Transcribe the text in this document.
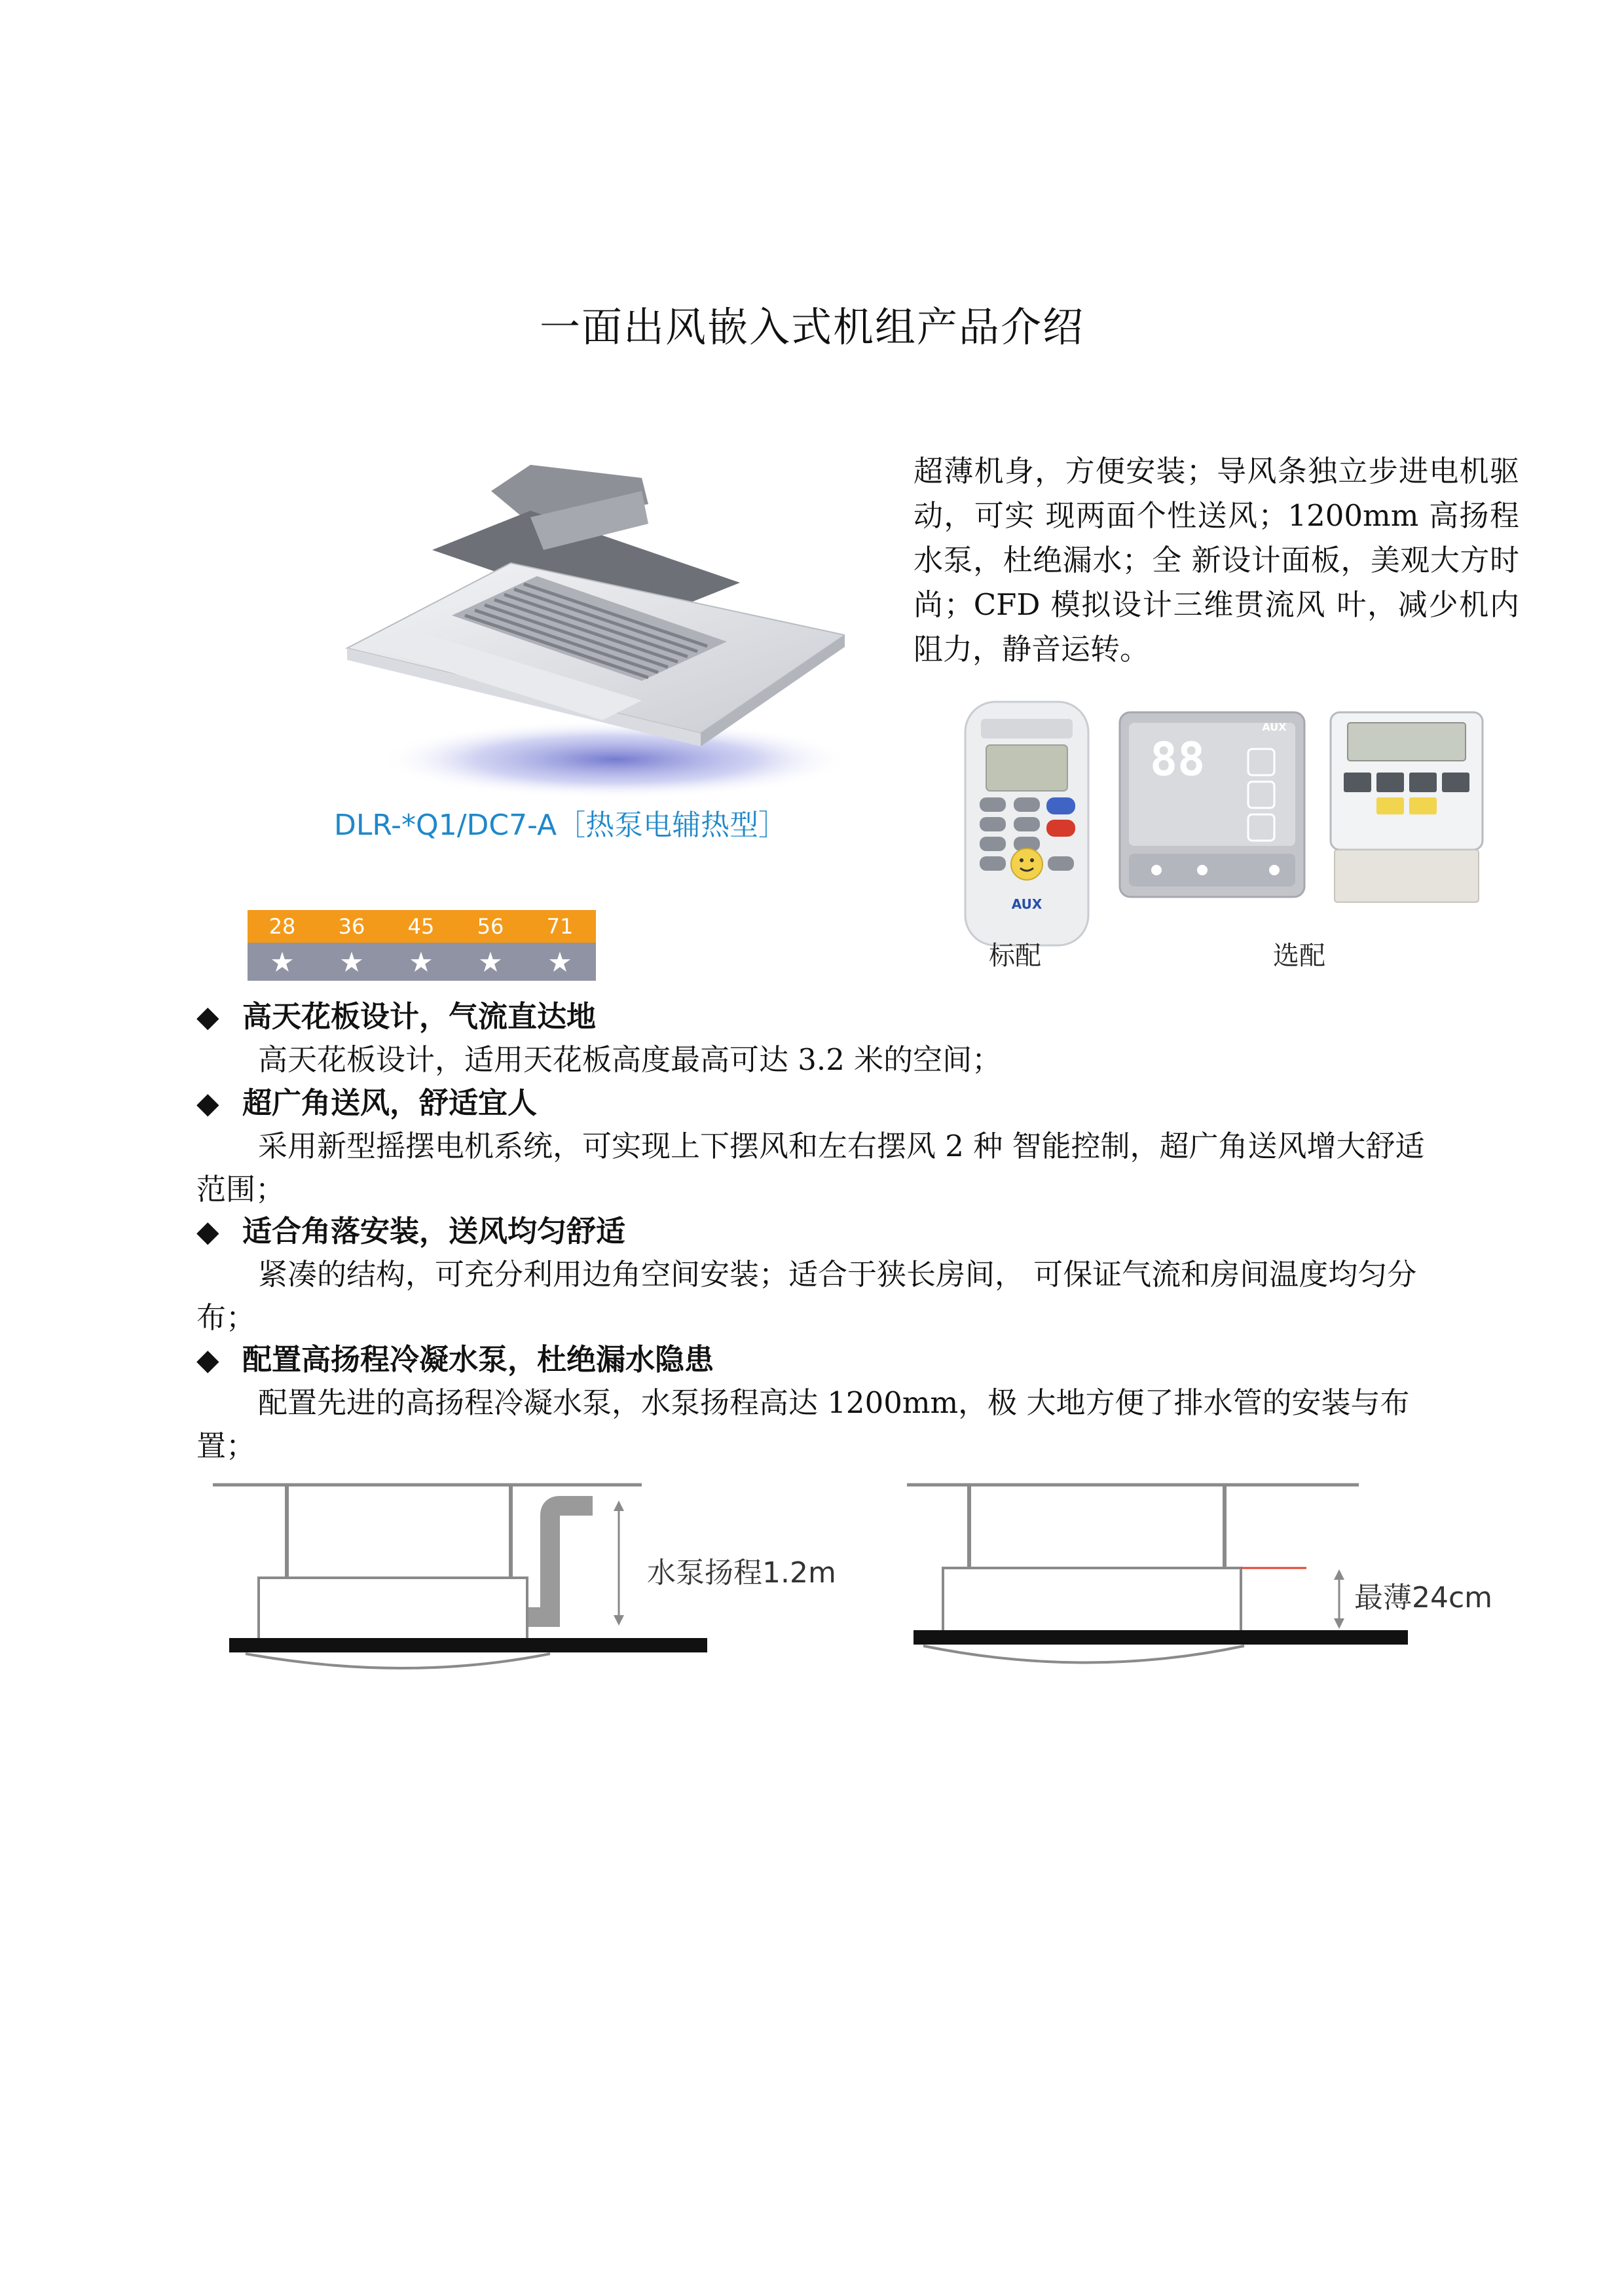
一面出风嵌入式机组产品介绍
DLR-*Q1/DC7-A［热泵电辅热型］
28	36	45	56	71
★	★	★	★	★
超薄机身，方便安装；导风条独立步进电机驱动，可实 现两面个性送风；1200mm 高扬程水泵，杜绝漏水；全 新设计面板，美观大方时尚；CFD 模拟设计三维贯流风 叶，减少机内阻力，静音运转。
AUX
88
AUX
标配	选配
◆ 高天花板设计，气流直达地
高天花板设计，适用天花板高度最高可达 3.2 米的空间；
◆ 超广角送风，舒适宜人
采用新型摇摆电机系统，可实现上下摆风和左右摆风 2 种 智能控制，超广角送风增大舒适范围；
◆ 适合角落安装，送风均匀舒适
紧凑的结构，可充分利用边角空间安装；适合于狭长房间， 可保证气流和房间温度均匀分布；
◆ 配置高扬程冷凝水泵，杜绝漏水隐患
配置先进的高扬程冷凝水泵，水泵扬程高达 1200mm，极 大地方便了排水管的安装与布置；
水泵扬程1.2m
最薄24cm
